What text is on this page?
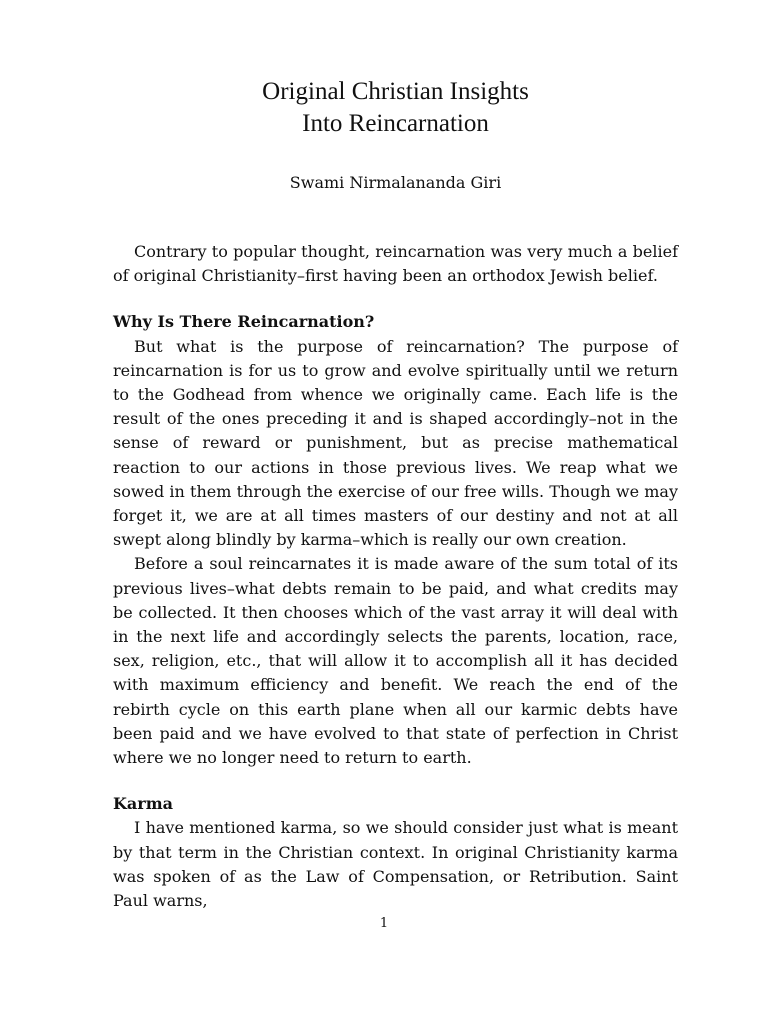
Original Christian Insights
Into Reincarnation
Swami Nirmalananda Giri

Contrary to popular thought, reincarnation was very much a belief of original Christianity–first having been an orthodox Jewish belief.

Why Is There Reincarnation?

But what is the purpose of reincarnation? The purpose of reincarnation is for us to grow and evolve spiritually until we return to the Godhead from whence we originally came. Each life is the result of the ones preceding it and is shaped accordingly–not in the sense of reward or punishment, but as precise mathematical reaction to our actions in those previous lives. We reap what we sowed in them through the exercise of our free wills. Though we may forget it, we are at all times masters of our destiny and not at all swept along blindly by karma–which is really our own creation.

Before a soul reincarnates it is made aware of the sum total of its previous lives–what debts remain to be paid, and what credits may be collected. It then chooses which of the vast array it will deal with in the next life and accordingly selects the parents, location, race, sex, religion, etc., that will allow it to accomplish all it has decided with maximum efficiency and benefit. We reach the end of the rebirth cycle on this earth plane when all our karmic debts have been paid and we have evolved to that state of perfection in Christ where we no longer need to return to earth.

Karma

I have mentioned karma, so we should consider just what is meant by that term in the Christian context. In original Christianity karma was spoken of as the Law of Compensation, or Retribution. Saint Paul warns,

1
